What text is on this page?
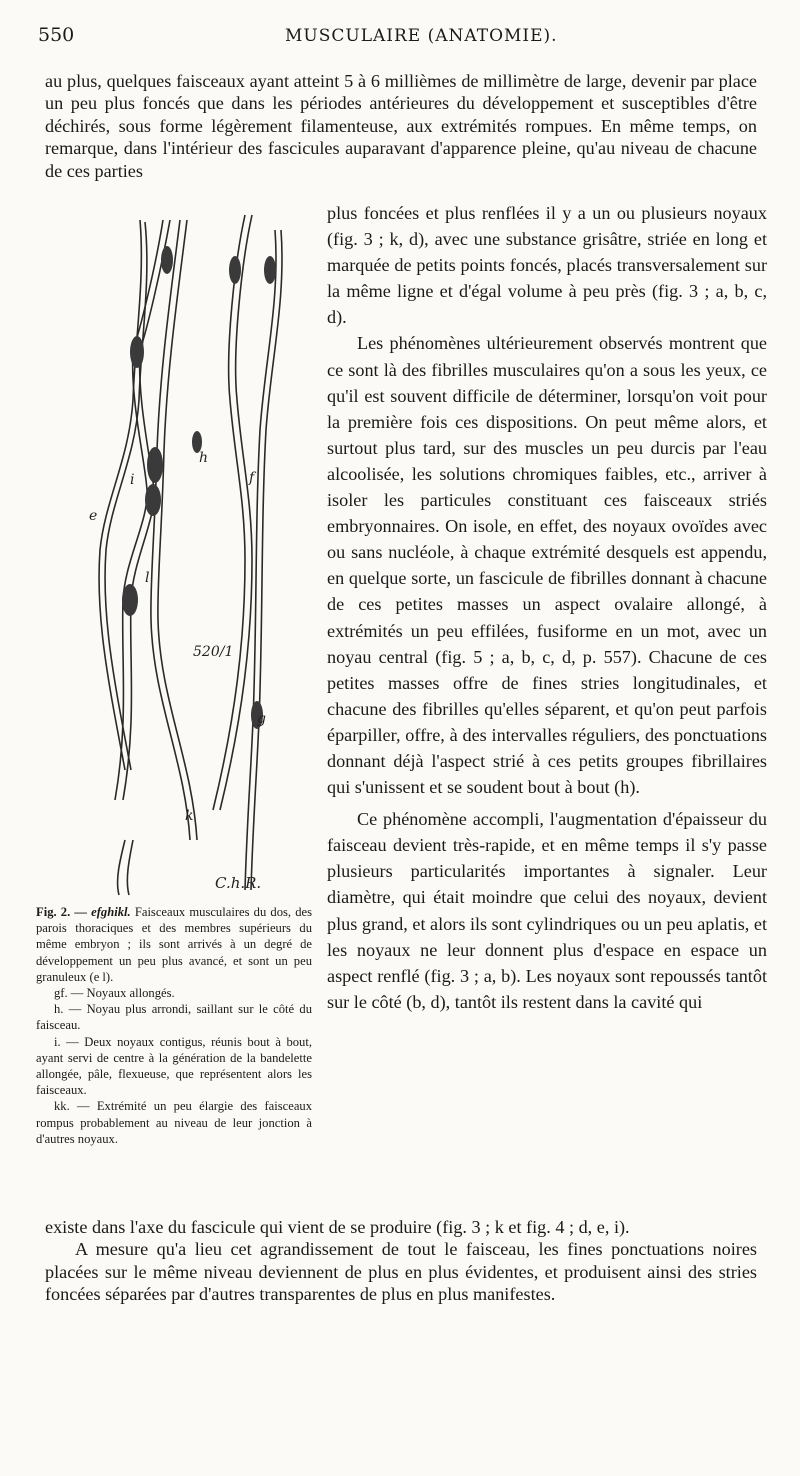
550	MUSCULAIRE (ANATOMIE).

au plus, quelques faisceaux ayant atteint 5 à 6 millièmes de millimètre de large, devenir par place un peu plus foncés que dans les périodes antérieures du développement et susceptibles d'être déchirés, sous forme légèrement filamenteuse, aux extrémités rompues. En même temps, on remarque, dans l'intérieur des fascicules auparavant d'apparence pleine, qu'au niveau de chacune de ces parties

h
f
i
e
l
g
k
520/1
C.h.R.

plus foncées et plus renflées il y a un ou plusieurs noyaux (fig. 3 ; k, d), avec une substance grisâtre, striée en long et marquée de petits points foncés, placés transversalement sur la même ligne et d'égal volume à peu près (fig. 3 ; a, b, c, d).

Les phénomènes ultérieurement observés montrent que ce sont là des fibrilles musculaires qu'on a sous les yeux, ce qu'il est souvent difficile de déterminer, lorsqu'on voit pour la première fois ces dispositions. On peut même alors, et surtout plus tard, sur des muscles un peu durcis par l'eau alcoolisée, les solutions chromiques faibles, etc., arriver à isoler les particules constituant ces faisceaux striés embryonnaires. On isole, en effet, des noyaux ovoïdes avec ou sans nucléole, à chaque extrémité desquels est appendu, en quelque sorte, un fascicule de fibrilles donnant à chacune de ces petites masses un aspect ovalaire allongé, à extrémités un peu effilées, fusiforme en un mot, avec un noyau central (fig. 5 ; a, b, c, d, p. 557). Chacune de ces petites masses offre de fines stries longitudinales, et chacune des fibrilles qu'elles séparent, et qu'on peut parfois éparpiller, offre, à des intervalles réguliers, des ponctuations donnant déjà l'aspect strié à ces petits groupes fibrillaires qui s'unissent et se soudent bout à bout (h).

Ce phénomène accompli, l'augmentation d'épaisseur du faisceau devient très-rapide, et en même temps il s'y passe plusieurs particularités importantes à signaler. Leur diamètre, qui était moindre que celui des noyaux, devient plus grand, et alors ils sont cylindriques ou un peu aplatis, et les noyaux ne leur donnent plus d'espace en espace un aspect renflé (fig. 3 ; a, b). Les noyaux sont repoussés tantôt sur le côté (b, d), tantôt ils restent dans la cavité qui

Fig. 2. — efghikl. Faisceaux musculaires du dos, des parois thoraciques et des membres supérieurs du même embryon ; ils sont arrivés à un degré de développement un peu plus avancé, et sont un peu granuleux (e l).

gf. — Noyaux allongés.

h. — Noyau plus arrondi, saillant sur le côté du faisceau.

i. — Deux noyaux contigus, réunis bout à bout, ayant servi de centre à la génération de la bandelette allongée, pâle, flexueuse, que représentent alors les faisceaux.

kk. — Extrémité un peu élargie des faisceaux rompus probablement au niveau de leur jonction à d'autres noyaux.

existe dans l'axe du fascicule qui vient de se produire (fig. 3 ; k et fig. 4 ; d, e, i).

A mesure qu'a lieu cet agrandissement de tout le faisceau, les fines ponctuations noires placées sur le même niveau deviennent de plus en plus évidentes, et produisent ainsi des stries foncées séparées par d'autres transparentes de plus en plus manifestes.
